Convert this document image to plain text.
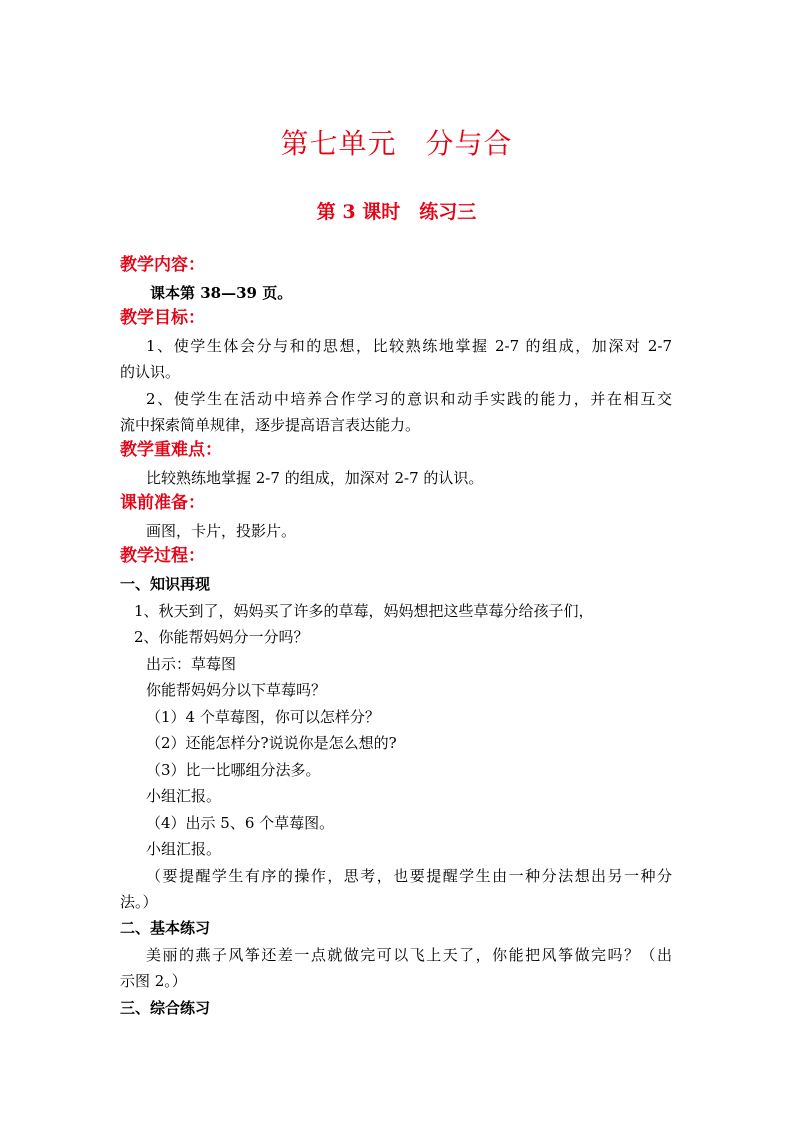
第七单元　分与合
第 3 课时　练习三
教学内容：
课本第 38—39 页。
教学目标：
1、使学生体会分与和的思想，比较熟练地掌握 2-7 的组成，加深对 2-7
的认识。
2、使学生在活动中培养合作学习的意识和动手实践的能力，并在相互交
流中探索简单规律，逐步提高语言表达能力。
教学重难点：
比较熟练地掌握 2-7 的组成，加深对 2-7 的认识。
课前准备：
画图，卡片，投影片。
教学过程：
一、知识再现
1、秋天到了，妈妈买了许多的草莓，妈妈想把这些草莓分给孩子们，
2、你能帮妈妈分一分吗？
出示：草莓图
你能帮妈妈分以下草莓吗？
（1）4 个草莓图，你可以怎样分？
（2）还能怎样分?说说你是怎么想的?
（3）比一比哪组分法多。
小组汇报。
（4）出示 5、6 个草莓图。
小组汇报。
（要提醒学生有序的操作，思考，也要提醒学生由一种分法想出另一种分
法。）
二、基本练习
美丽的燕子风筝还差一点就做完可以飞上天了，你能把风筝做完吗？（出
示图 2。）
三、综合练习
